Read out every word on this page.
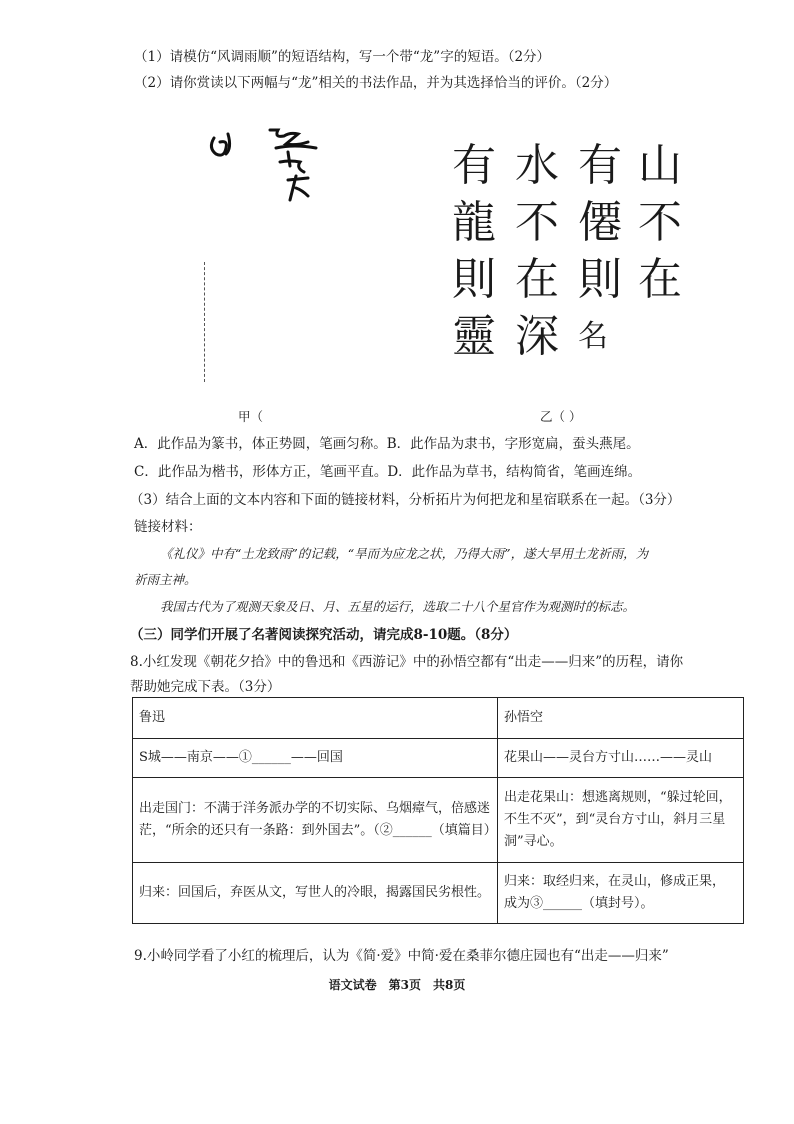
（1）请模仿“风调雨顺”的短语结构，写一个带“龙”字的短语。（2分）
（2）请你赏读以下两幅与“龙”相关的书法作品，并为其选择恰当的评价。（2分）
山
不
在
有
僊
則
名
水
不
在
深
有
龍
則
靈
甲（	乙（ ）
A．此作品为篆书，体正势圆，笔画匀称。B．此作品为隶书，字形宽扁，蚕头燕尾。
C．此作品为楷书，形体方正，笔画平直。D．此作品为草书，结构简省，笔画连绵。
（3）结合上面的文本内容和下面的链接材料，分析拓片为何把龙和星宿联系在一起。（3分）
链接材料：
《礼仪》中有“土龙致雨”的记载，“旱而为应龙之状，乃得大雨”，遂大旱用土龙祈雨，为
祈雨主神。
我国古代为了观测天象及日、月、五星的运行，选取二十八个星官作为观测时的标志。
（三）同学们开展了名著阅读探究活动，请完成8-10题。（8分）
8.小红发现《朝花夕拾》中的鲁迅和《西游记》中的孙悟空都有“出走——归来”的历程，请你
帮助她完成下表。（3分）
鲁迅	孙悟空
S城——南京——①______——回国	花果山——灵台方寸山……——灵山
出走国门：不满于洋务派办学的不切实际、乌烟瘴气，倍感迷茫，“所余的还只有一条路：到外国去”。（②______（填篇目）	出走花果山：想逃离规则，“躲过轮回，不生不灭”，到“灵台方寸山，斜月三星洞”寻心。
归来：回国后，弃医从文，写世人的冷眼，揭露国民劣根性。	归来：取经归来，在灵山，修成正果，成为③______（填封号）。
9.小岭同学看了小红的梳理后，认为《简·爱》中简·爱在桑菲尔德庄园也有“出走——归来”
语文试卷　第3页　共8页
